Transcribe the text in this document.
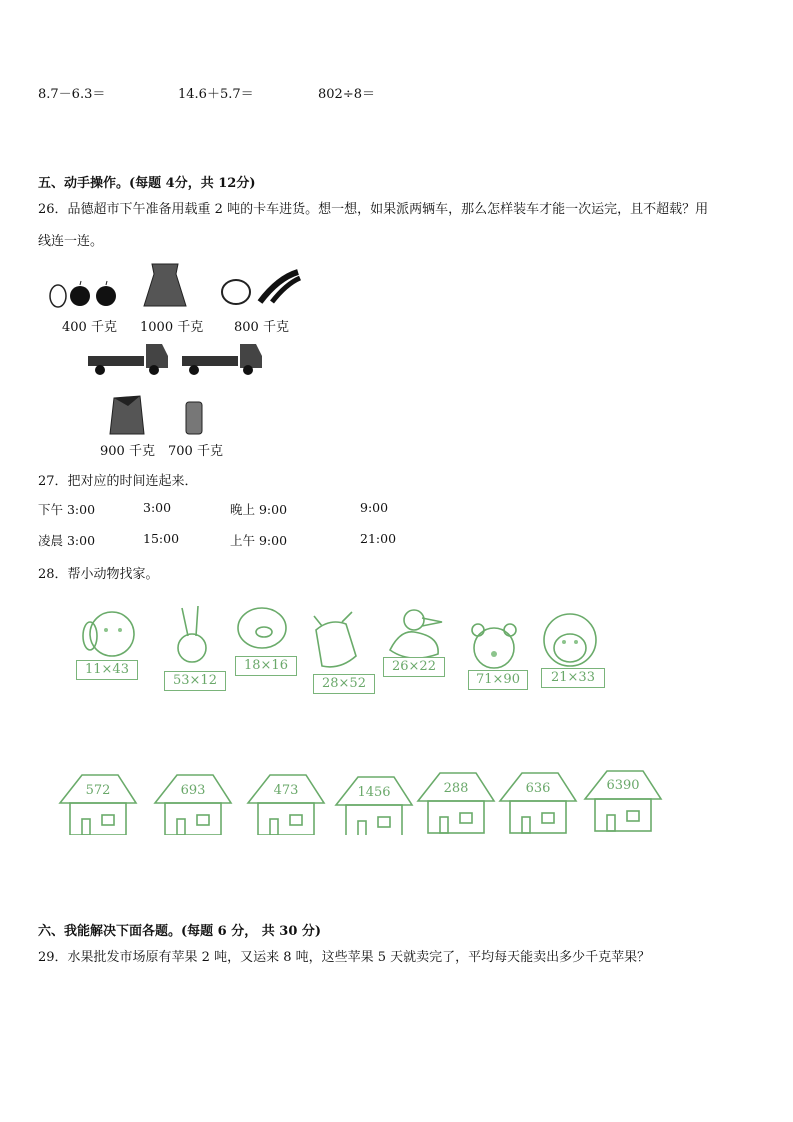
8.7－6.3＝	14.6＋5.7＝	802÷8＝
五、动手操作。(每题 4分，共 12分)
26．品德超市下午准备用载重 2 吨的卡车进货。想一想，如果派两辆车，那么怎样装车才能一次运完，且不超载？用
线连一连。
400 千克 1000 千克 800 千克
900 千克 700 千克
27．把对应的时间连起来．
下午 3:00	3:00	晚上 9:00	9:00
凌晨 3:00	15:00	上午 9:00	21:00
28．帮小动物找家。
11×43
53×12
18×16
28×52
26×22
71×90	21×33
572	693	473	1456	288	636	6390
六、我能解决下面各题。(每题 6 分， 共 30 分)
29．水果批发市场原有苹果 2 吨，又运来 8 吨，这些苹果 5 天就卖完了，平均每天能卖出多少千克苹果？
